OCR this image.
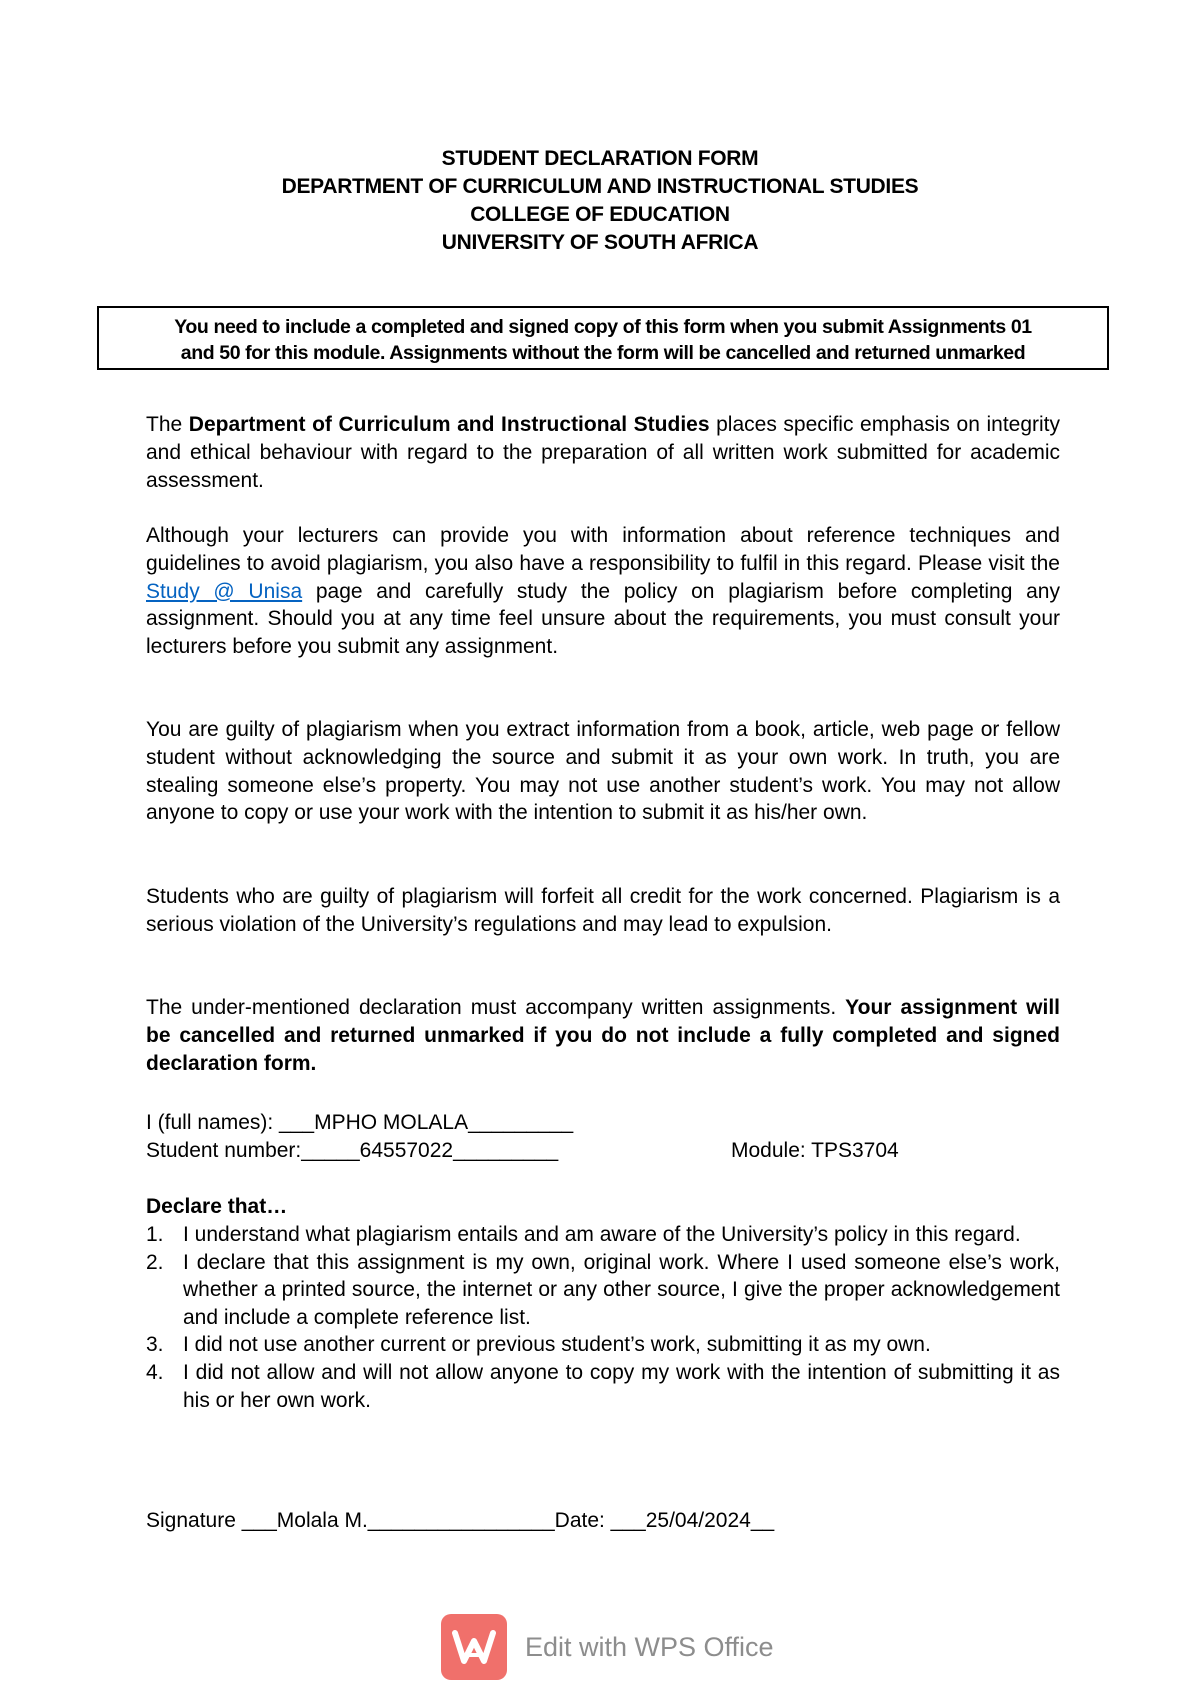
STUDENT DECLARATION FORM
DEPARTMENT OF CURRICULUM AND INSTRUCTIONAL STUDIES
COLLEGE OF EDUCATION
UNIVERSITY OF SOUTH AFRICA
You need to include a completed and signed copy of this form when you submit Assignments 01
and 50 for this module. Assignments without the form will be cancelled and returned unmarked

The Department of Curriculum and Instructional Studies places specific emphasis on integrity and ethical behaviour with regard to the preparation of all written work submitted for academic assessment.

Although your lecturers can provide you with information about reference techniques and guidelines to avoid plagiarism, you also have a responsibility to fulfil in this regard. Please visit the Study @ Unisa page and carefully study the policy on plagiarism before completing any assignment. Should you at any time feel unsure about the requirements, you must consult your lecturers before you submit any assignment.

You are guilty of plagiarism when you extract information from a book, article, web page or fellow student without acknowledging the source and submit it as your own work. In truth, you are stealing someone else’s property. You may not use another student’s work. You may not allow anyone to copy or use your work with the intention to submit it as his/her own.

Students who are guilty of plagiarism will forfeit all credit for the work concerned. Plagiarism is a serious violation of the University’s regulations and may lead to expulsion.

The under-mentioned declaration must accompany written assignments. Your assignment will be cancelled and returned unmarked if you do not include a fully completed and signed declaration form.

I (full names): ___MPHO MOLALA_________
Student number:_____64557022_________	Module: TPS3704
Declare that…
1. I understand what plagiarism entails and am aware of the University’s policy in this regard.
2. I declare that this assignment is my own, original work. Where I used someone else’s work, whether a printed source, the internet or any other source, I give the proper acknowledgement and include a complete reference list.
3. I did not use another current or previous student’s work, submitting it as my own.
4. I did not allow and will not allow anyone to copy my work with the intention of submitting it as his or her own work.
Signature ___Molala M.________________Date: ___25/04/2024__
Edit with WPS Office
